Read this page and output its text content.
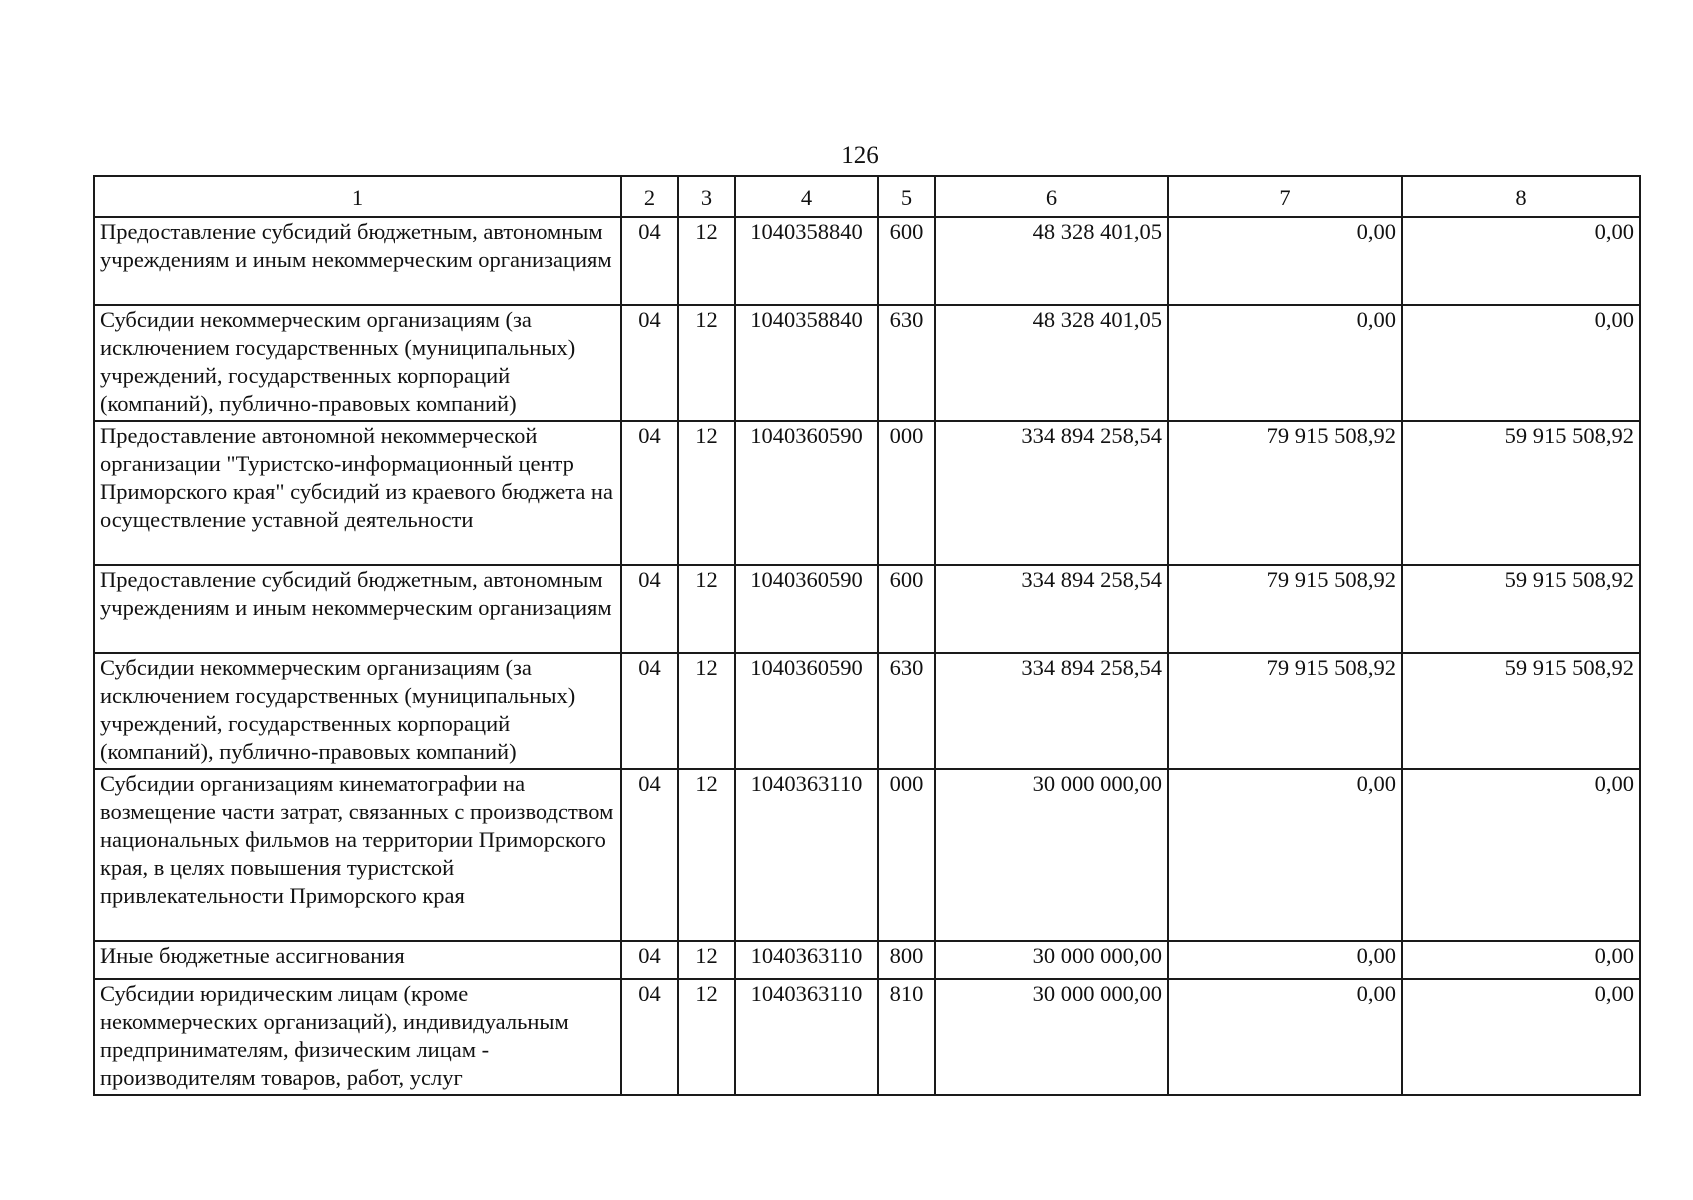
126
1	2	3	4	5	6	7	8
Предоставление субсидий бюджетным, автономным учреждениям и иным некоммерческим организациям	04	12	1040358840	600	48 328 401,05	0,00	0,00
Субсидии некоммерческим организациям (за исключением государственных (муниципальных) учреждений, государственных корпораций (компаний), публично-правовых компаний)	04	12	1040358840	630	48 328 401,05	0,00	0,00
Предоставление автономной некоммерческой организации "Туристско-информационный центр Приморского края" субсидий из краевого бюджета на осуществление уставной деятельности	04	12	1040360590	000	334 894 258,54	79 915 508,92	59 915 508,92
Предоставление субсидий бюджетным, автономным учреждениям и иным некоммерческим организациям	04	12	1040360590	600	334 894 258,54	79 915 508,92	59 915 508,92
Субсидии некоммерческим организациям (за исключением государственных (муниципальных) учреждений, государственных корпораций (компаний), публично-правовых компаний)	04	12	1040360590	630	334 894 258,54	79 915 508,92	59 915 508,92
Субсидии организациям кинематографии на возмещение части затрат, связанных с производством национальных фильмов на территории Приморского края, в целях повышения туристской привлекательности Приморского края	04	12	1040363110	000	30 000 000,00	0,00	0,00
Иные бюджетные ассигнования	04	12	1040363110	800	30 000 000,00	0,00	0,00
Субсидии юридическим лицам (кроме некоммерческих организаций), индивидуальным предпринимателям, физическим лицам - производителям товаров, работ, услуг	04	12	1040363110	810	30 000 000,00	0,00	0,00
